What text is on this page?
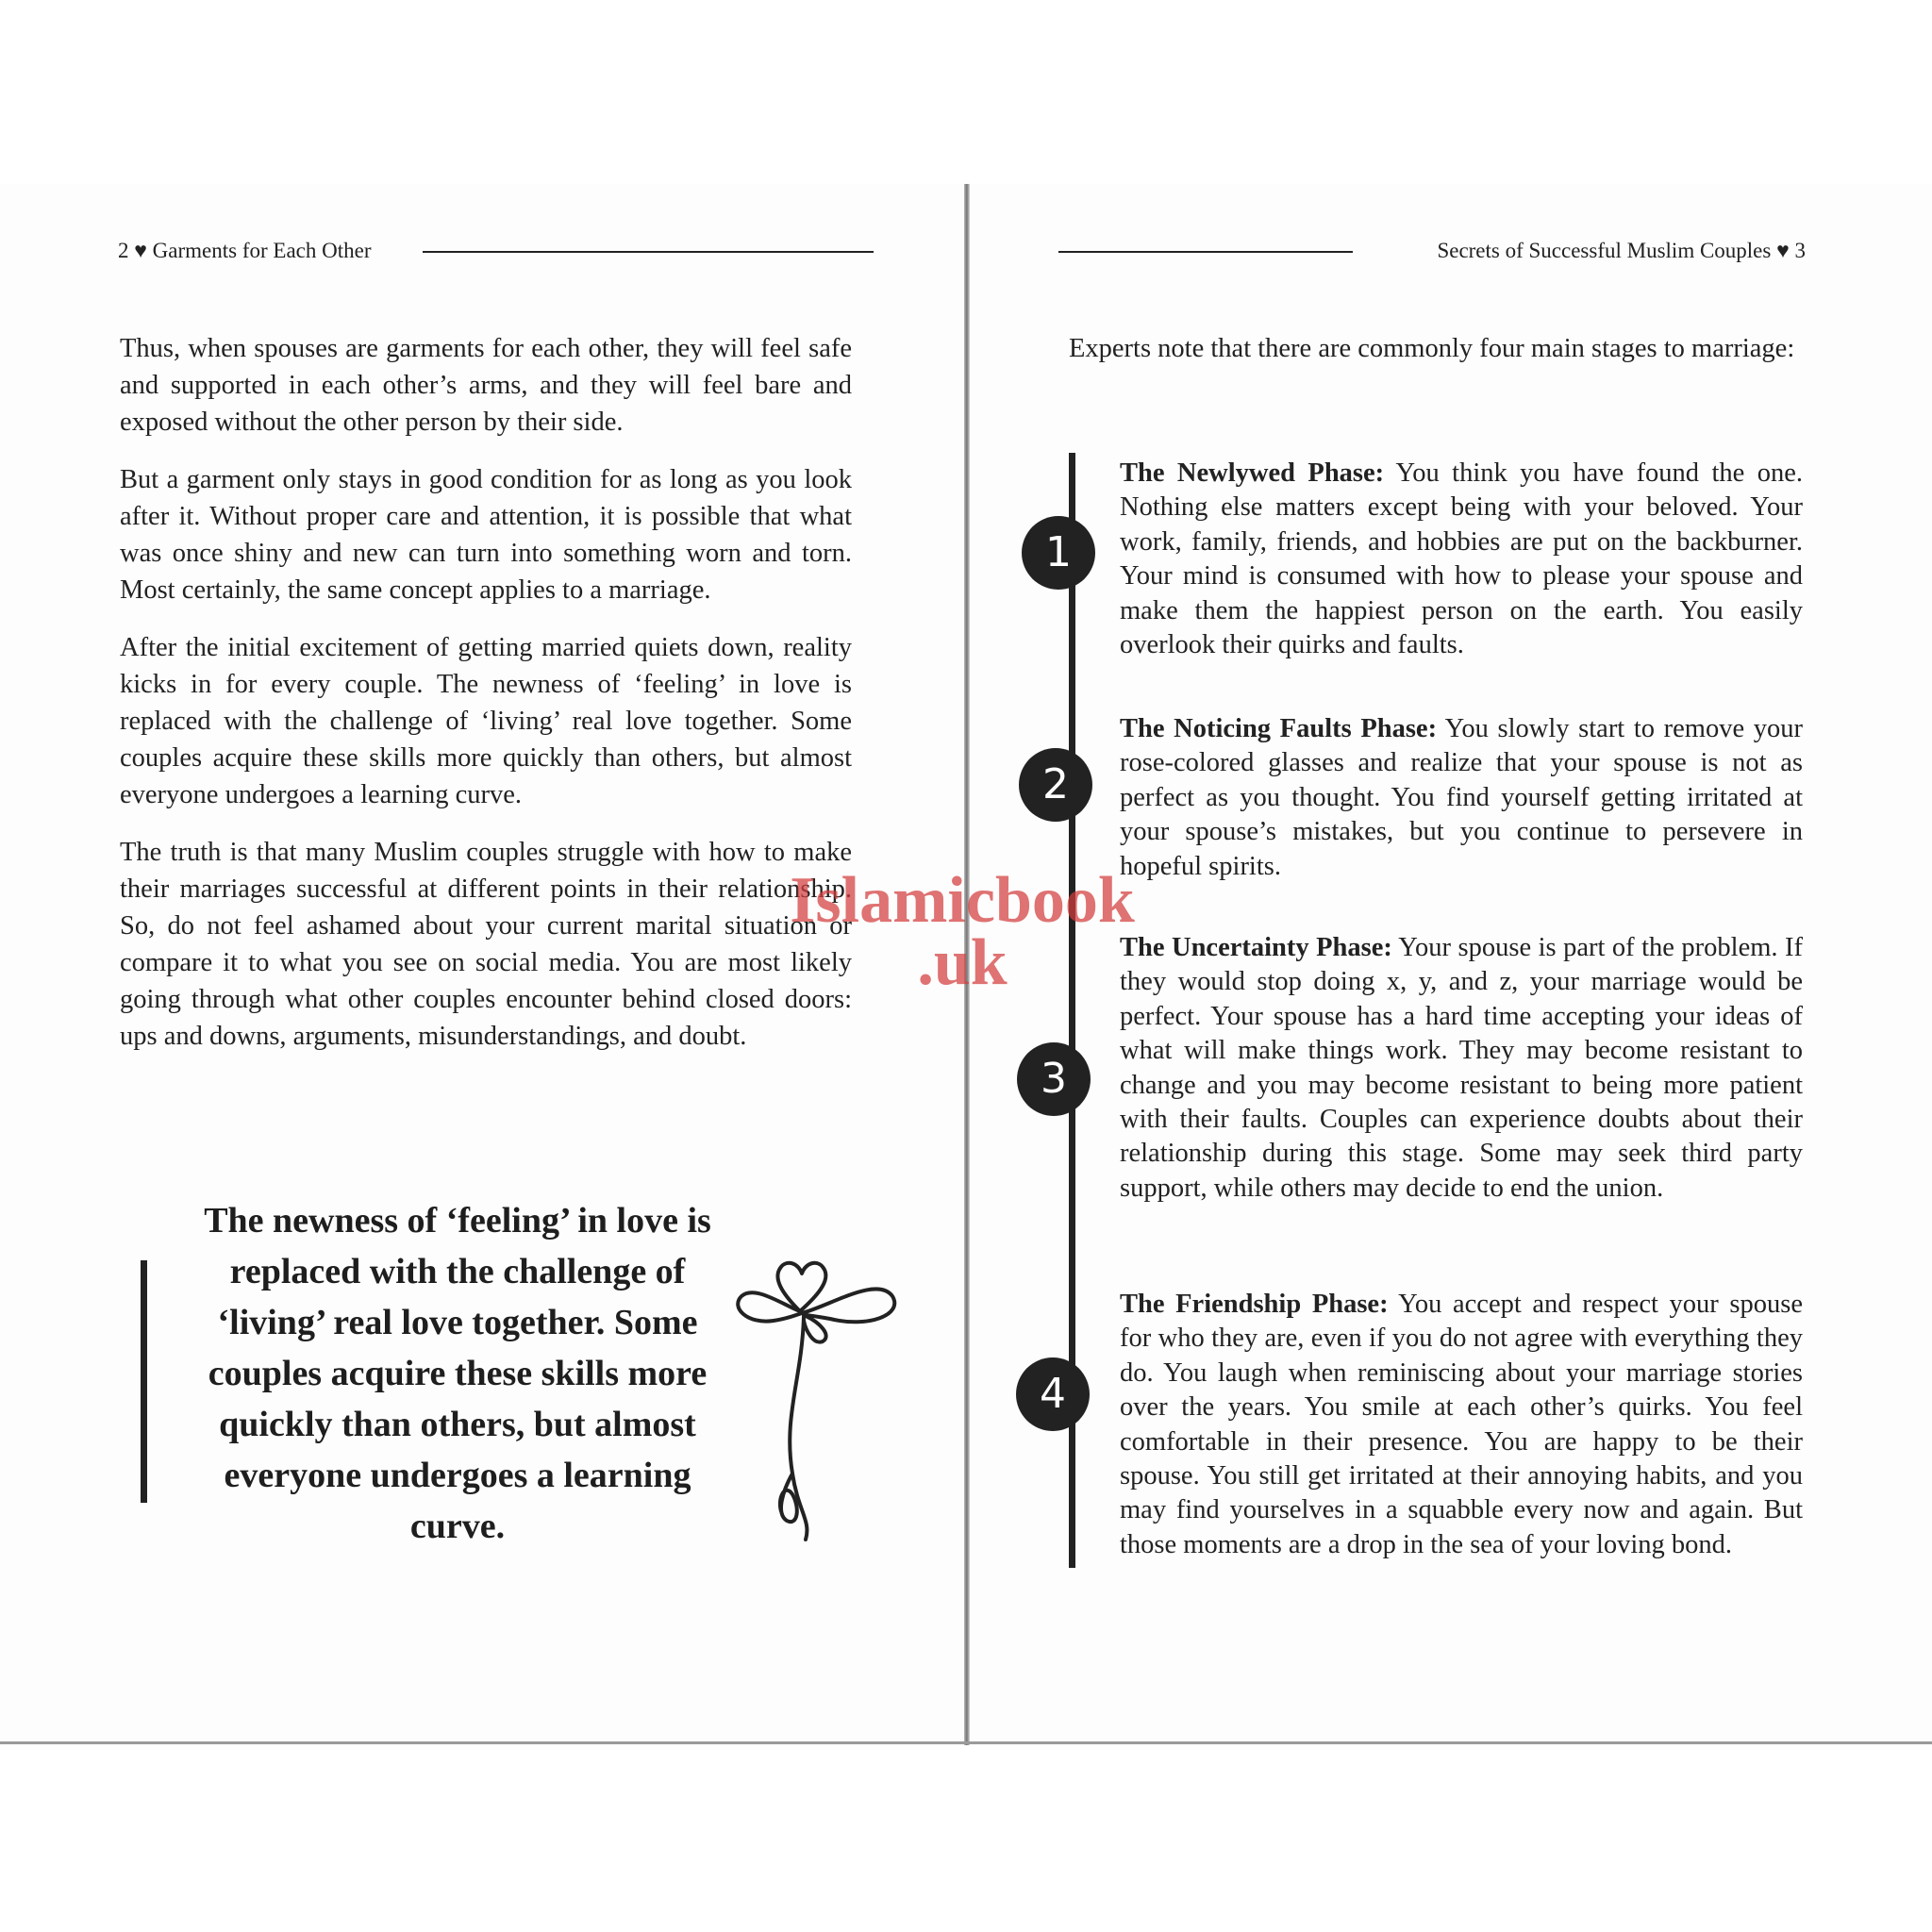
2 ♥ Garments for Each Other	Secrets of Successful Muslim Couples ♥ 3

Thus, when spouses are garments for each other, they will feel safe and supported in each other’s arms, and they will feel bare and exposed without the other person by their side.

But a garment only stays in good condition for as long as you look after it. Without proper care and attention, it is possible that what was once shiny and new can turn into something worn and torn. Most certainly, the same concept applies to a marriage.

After the initial excitement of getting married quiets down, reality kicks in for every couple. The newness of ‘feeling’ in love is replaced with the challenge of ‘living’ real love together. Some couples acquire these skills more quickly than others, but almost everyone undergoes a learning curve.

The truth is that many Muslim couples struggle with how to make their marriages successful at different points in their relationship. So, do not feel ashamed about your current marital situation or compare it to what you see on social media. You are most likely going through what other couples encounter behind closed doors: ups and downs, arguments, misunderstandings, and doubt.

The newness of ‘feeling’ in love is replaced with the challenge of ‘living’ real love together. Some couples acquire these skills more quickly than others, but almost everyone undergoes a learning curve.

Experts note that there are commonly four main stages to marriage:

1
2
3
4

The Newlywed Phase: You think you have found the one. Nothing else matters except being with your beloved. Your work, family, friends, and hobbies are put on the backburner. Your mind is consumed with how to please your spouse and make them the happiest person on the earth. You easily overlook their quirks and faults.

The Noticing Faults Phase: You slowly start to remove your rose-colored glasses and realize that your spouse is not as perfect as you thought. You find yourself getting irritated at your spouse’s mistakes, but you continue to persevere in hopeful spirits.

The Uncertainty Phase: Your spouse is part of the problem. If they would stop doing x, y, and z, your marriage would be perfect. Your spouse has a hard time accepting your ideas of what will make things work. They may become resistant to change and you may become resistant to being more patient with their faults. Couples can experience doubts about their relationship during this stage. Some may seek third party support, while others may decide to end the union.

The Friendship Phase: You accept and respect your spouse for who they are, even if you do not agree with everything they do. You laugh when reminiscing about your marriage stories over the years. You smile at each other’s quirks. You feel comfortable in their presence. You are happy to be their spouse. You still get irritated at their annoying habits, and you may find yourselves in a squabble every now and again. But those moments are a drop in the sea of your loving bond.

Islamicbook
.uk
